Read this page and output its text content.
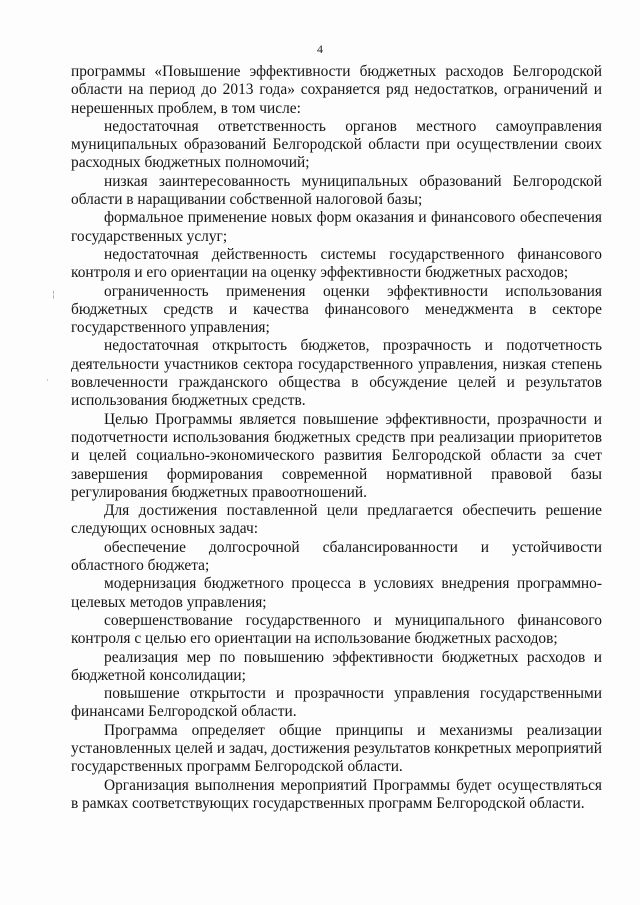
4

программы «Повышение эффективности бюджетных расходов Белгородской области на период до 2013 года» сохраняется ряд недостатков, ограничений и нерешенных проблем, в том числе:

недостаточная ответственность органов местного самоуправления муниципальных образований Белгородской области при осуществлении своих расходных бюджетных полномочий;

низкая заинтересованность муниципальных образований Белгородской области в наращивании собственной налоговой базы;

формальное применение новых форм оказания и финансового обеспечения государственных услуг;

недостаточная действенность системы государственного финансового контроля и его ориентации на оценку эффективности бюджетных расходов;

ограниченность применения оценки эффективности использования бюджетных средств и качества финансового менеджмента в секторе государственного управления;

недостаточная открытость бюджетов, прозрачность и подотчетность деятельности участников сектора государственного управления, низкая степень вовлеченности гражданского общества в обсуждение целей и результатов использования бюджетных средств.

Целью Программы является повышение эффективности, прозрачности и подотчетности использования бюджетных средств при реализации приоритетов и целей социально-экономического развития Белгородской области за счет завершения формирования современной нормативной правовой базы регулирования бюджетных правоотношений.

Для достижения поставленной цели предлагается обеспечить решение следующих основных задач:

обеспечение долгосрочной сбалансированности и устойчивости областного бюджета;

модернизация бюджетного процесса в условиях внедрения программно-целевых методов управления;

совершенствование государственного и муниципального финансового контроля с целью его ориентации на использование бюджетных расходов;

реализация мер по повышению эффективности бюджетных расходов и бюджетной консолидации;

повышение открытости и прозрачности управления государственными финансами Белгородской области.

Программа определяет общие принципы и механизмы реализации установленных целей и задач, достижения результатов конкретных мероприятий государственных программ Белгородской области.

Организация выполнения мероприятий Программы будет осуществляться в рамках соответствующих государственных программ Белгородской области.

¦
·
